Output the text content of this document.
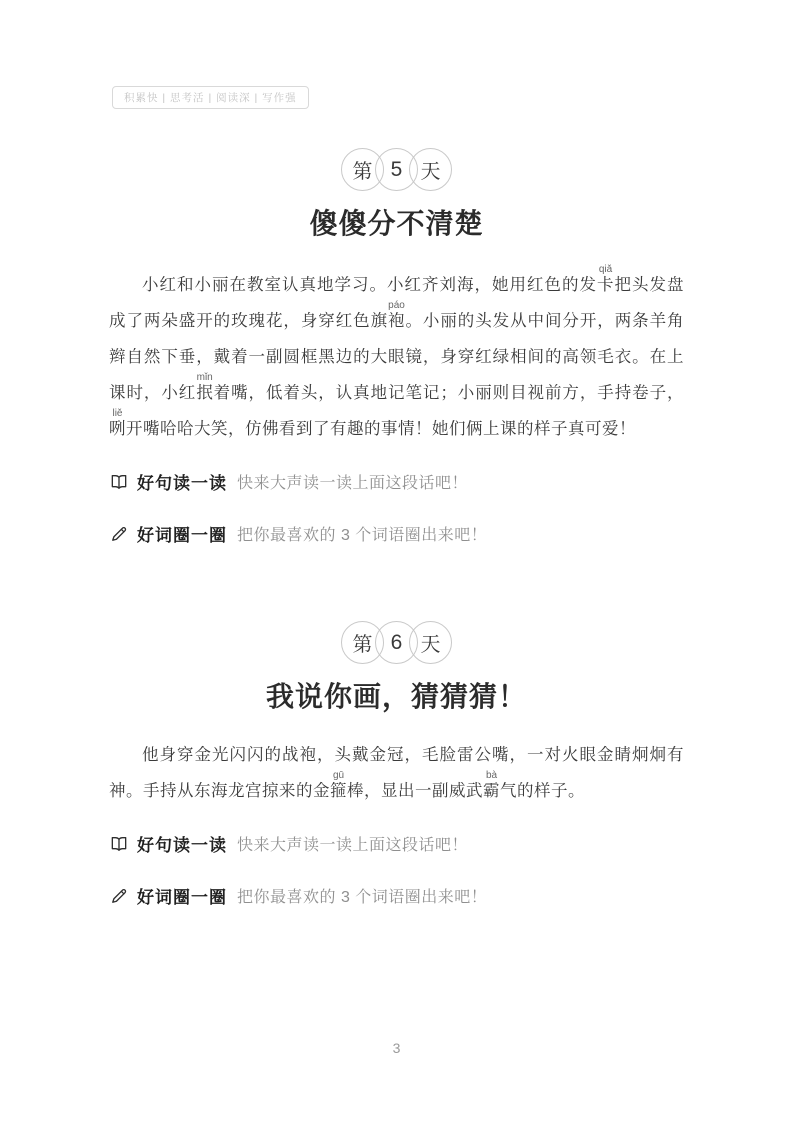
积累快 | 思考活 | 阅读深 | 写作强
第 5 天
傻傻分不清楚
小红和小丽在教室认真地学习。小红齐刘海，她用红色的发卡qiǎ把头发盘成了两朵盛开的玫瑰花，身穿红色旗袍páo。小丽的头发从中间分开，两条羊角辫自然下垂，戴着一副圆框黑边的大眼镜，身穿红绿相间的高领毛衣。在上课时，小红抿mǐn着嘴，低着头，认真地记笔记；小丽则目视前方，手持卷子，咧liě开嘴哈哈大笑，仿佛看到了有趣的事情！她们俩上课的样子真可爱！
好句读一读 快来大声读一读上面这段话吧！
好词圈一圈 把你最喜欢的 3 个词语圈出来吧！
第 6 天
我说你画，猜猜猜！
他身穿金光闪闪的战袍，头戴金冠，毛脸雷公嘴，一对火眼金睛炯炯有神。手持从东海龙宫掠来的金箍gū棒，显出一副威武霸bà气的样子。
好句读一读 快来大声读一读上面这段话吧！
好词圈一圈 把你最喜欢的 3 个词语圈出来吧！
3
